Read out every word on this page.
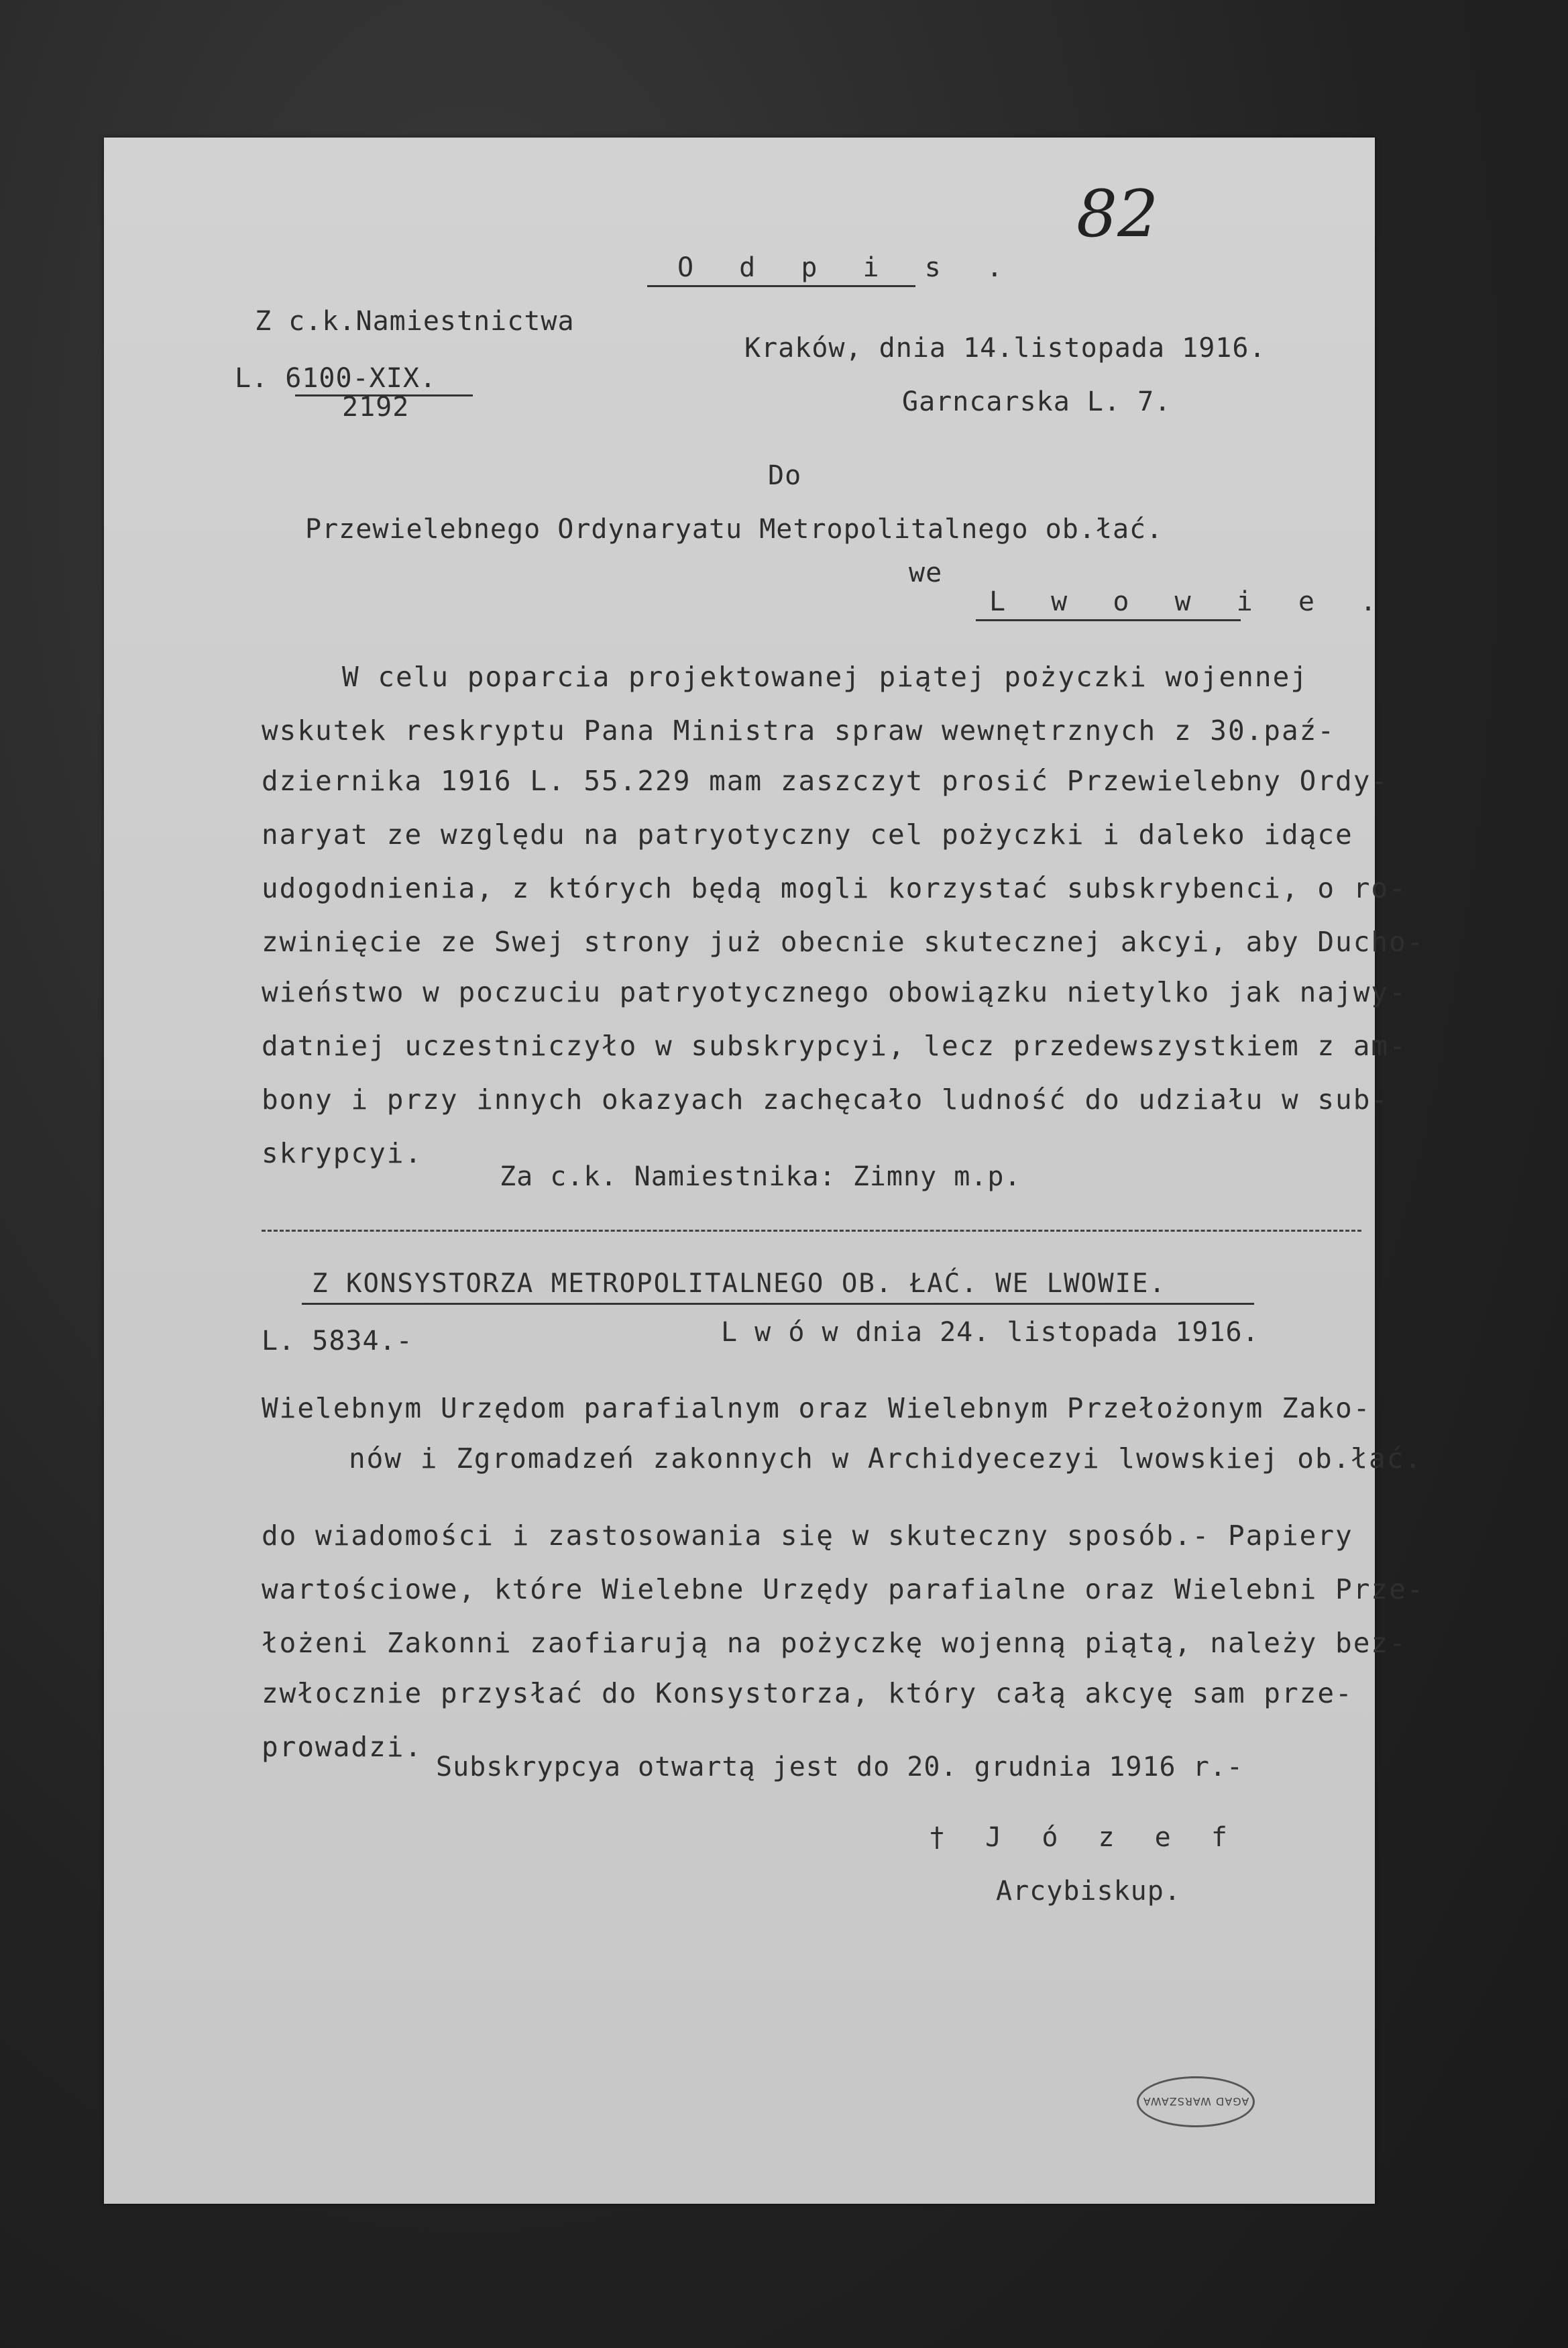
82
O d p i s .
Z c.k.Namiestnictwa
L. 6100-XIX.
2192
Kraków, dnia 14.listopada 1916.
Garncarska L. 7.
Do
Przewielebnego Ordynaryatu Metropolitalnego ob.łać.
we
L w o w i e .
W celu poparcia projektowanej piątej pożyczki wojennej
wskutek reskryptu Pana Ministra spraw wewnętrznych z 30.paź-
dziernika 1916 L. 55.229 mam zaszczyt prosić Przewielebny Ordy-
naryat ze względu na patryotyczny cel pożyczki i daleko idące
udogodnienia, z których będą mogli korzystać subskrybenci, o ro-
zwinięcie ze Swej strony już obecnie skutecznej akcyi, aby Ducho-
wieństwo w poczuciu patryotycznego obowiązku nietylko jak najwy-
datniej uczestniczyło w subskrypcyi, lecz przedewszystkiem z am-
bony i przy innych okazyach zachęcało ludność do udziału w sub-
skrypcyi.
Za c.k. Namiestnika: Zimny m.p.
Z KONSYSTORZA METROPOLITALNEGO OB. ŁAĆ. WE LWOWIE.
L. 5834.-	L w ó w dnia 24. listopada 1916.
Wielebnym Urzędom parafialnym oraz Wielebnym Przełożonym Zako-
nów i Zgromadzeń zakonnych w Archidyecezyi lwowskiej ob.łać.
do wiadomości i zastosowania się w skuteczny sposób.- Papiery
wartościowe, które Wielebne Urzędy parafialne oraz Wielebni Prze-
łożeni Zakonni zaofiarują na pożyczkę wojenną piątą, należy bez-
zwłocznie przysłać do Konsystorza, który całą akcyę sam prze-
prowadzi.
Subskrypcya otwartą jest do 20. grudnia 1916 r.-
† J ó z e f
Arcybiskup.
AGAD WARSZAWA
